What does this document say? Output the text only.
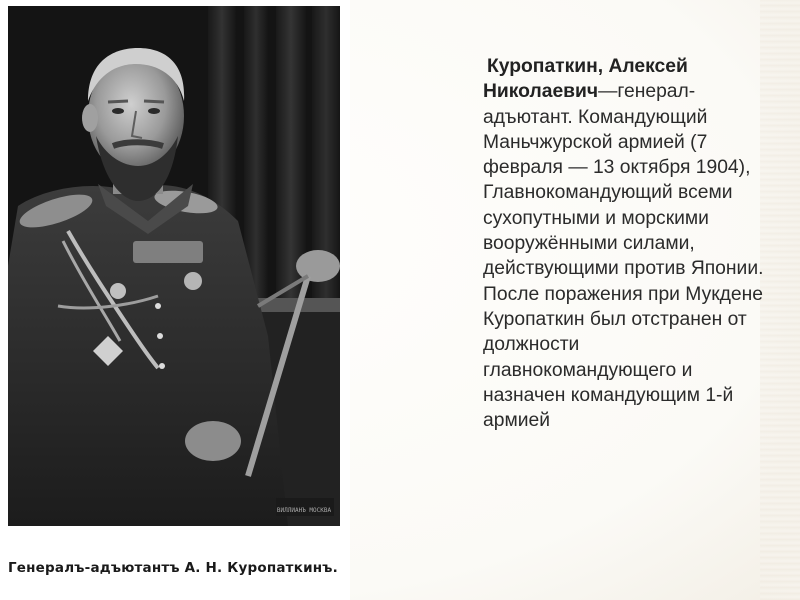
ВИЛЛИАНЪ МОСКВА
Генералъ-адъютантъ А. Н. Куропаткинъ.
Куропаткин, Алексей Николаевич—генерал-адъютант. Командующий Маньчжурской армией (7 февраля — 13 октября 1904), Главнокомандующий всеми сухопутными и морскими вооружёнными силами, действующими против Японии. После поражения при Мукдене Куропаткин был отстранен от должности главнокомандующего и назначен командующим 1-й армией
